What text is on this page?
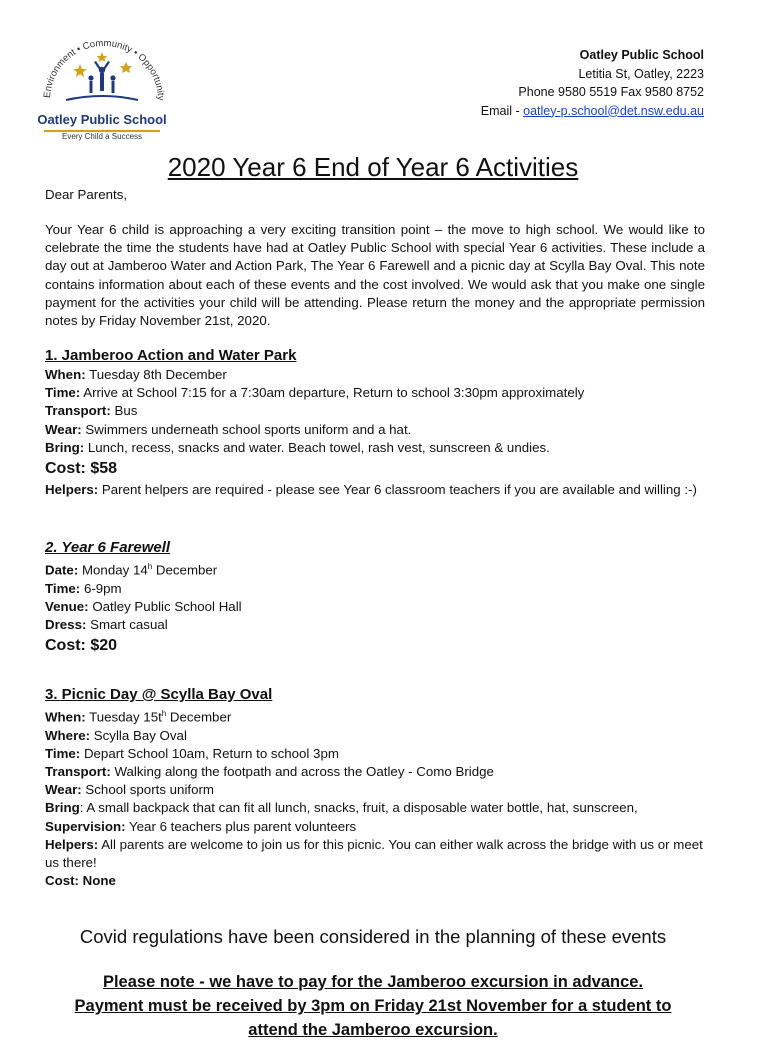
Environment • Community • Opportunity
Oatley Public School
Every Child a Success
Oatley Public School
Letitia St, Oatley, 2223
Phone 9580 5519 Fax 9580 8752
Email - oatley-p.school@det.nsw.edu.au
2020 Year 6 End of Year 6 Activities

Dear Parents,

Your Year 6 child is approaching a very exciting transition point – the move to high school. We would like to celebrate the time the students have had at Oatley Public School with special Year 6 activities. These include a day out at Jamberoo Water and Action Park, The Year 6 Farewell and a picnic day at Scylla Bay Oval. This note contains information about each of these events and the cost involved. We would ask that you make one single payment for the activities your child will be attending. Please return the money and the appropriate permission notes by Friday November 21st, 2020.

1. Jamberoo Action and Water Park
When: Tuesday 8th December
Time: Arrive at School 7:15 for a 7:30am departure, Return to school 3:30pm approximately
Transport: Bus
Wear: Swimmers underneath school sports uniform and a hat.
Bring: Lunch, recess, snacks and water. Beach towel, rash vest, sunscreen & undies.
Cost: $58
Helpers: Parent helpers are required - please see Year 6 classroom teachers if you are available and willing :-)
2. Year 6 Farewell
Date: Monday 14$^h$ December
Time: 6-9pm
Venue: Oatley Public School Hall
Dress: Smart casual
Cost: $20
3. Picnic Day @ Scylla Bay Oval
When: Tuesday $15t^h$ December
Where: Scylla Bay Oval
Time: Depart School 10am, Return to school 3pm
Transport: Walking along the footpath and across the Oatley - Como Bridge
Wear: School sports uniform
Bring: A small backpack that can fit all lunch, snacks, fruit, a disposable water bottle, hat, sunscreen,
Supervision: Year 6 teachers plus parent volunteers
Helpers: All parents are welcome to join us for this picnic. You can either walk across the bridge with us or meet us there!
Cost: None
Covid regulations have been considered in the planning of these events
Please note - we have to pay for the Jamberoo excursion in advance.
Payment must be received by 3pm on Friday 21st November for a student to
attend the Jamberoo excursion.
